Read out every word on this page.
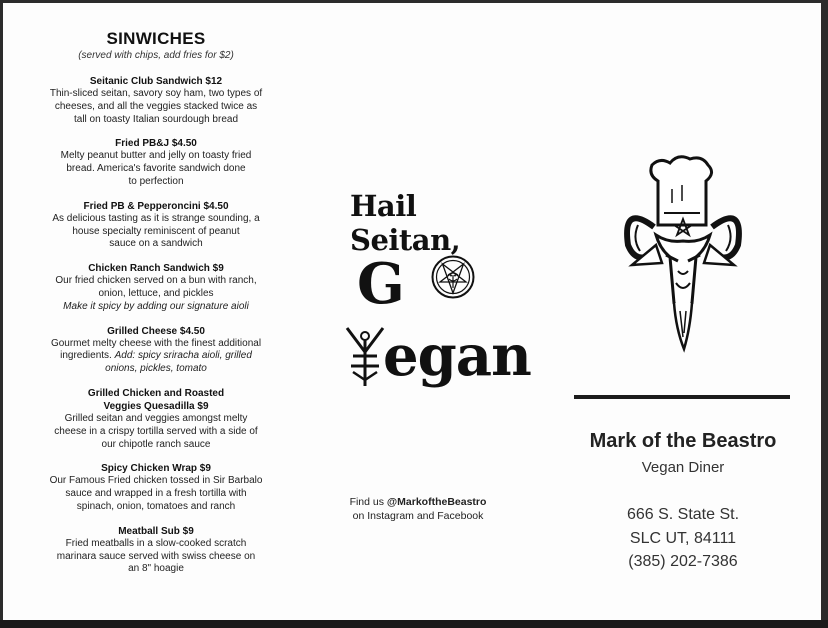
SINWICHES
(served with chips, add fries for $2)
Seitanic Club Sandwich $12
Thin-sliced seitan, savory soy ham, two types of
cheeses, and all the veggies stacked twice as
tall on toasty Italian sourdough bread
Fried PB&J $4.50
Melty peanut butter and jelly on toasty fried
bread. America's favorite sandwich done
to perfection
Fried PB & Pepperoncini $4.50
As delicious tasting as it is strange sounding, a
house specialty reminiscent of peanut
sauce on a sandwich
Chicken Ranch Sandwich $9
Our fried chicken served on a bun with ranch,
onion, lettuce, and pickles
Make it spicy by adding our signature aioli
Grilled Cheese $4.50
Gourmet melty cheese with the finest additional
ingredients. Add: spicy sriracha aioli, grilled
onions, pickles, tomato
Grilled Chicken and Roasted
Veggies Quesadilla $9
Grilled seitan and veggies amongst melty
cheese in a crispy tortilla served with a side of
our chipotle ranch sauce
Spicy Chicken Wrap $9
Our Famous Fried chicken tossed in Sir Barbalo
sauce and wrapped in a fresh tortilla with
spinach, onion, tomatoes and ranch
Meatball Sub $9
Fried meatballs in a slow-cooked scratch
marinara sauce served with swiss cheese on
an 8" hoagie
Hail Seitan,
G
egan
Find us @MarkoftheBeastro
on Instagram and Facebook
Mark of the Beastro
Vegan Diner
666 S. State St.
SLC UT, 84111
(385) 202-7386
